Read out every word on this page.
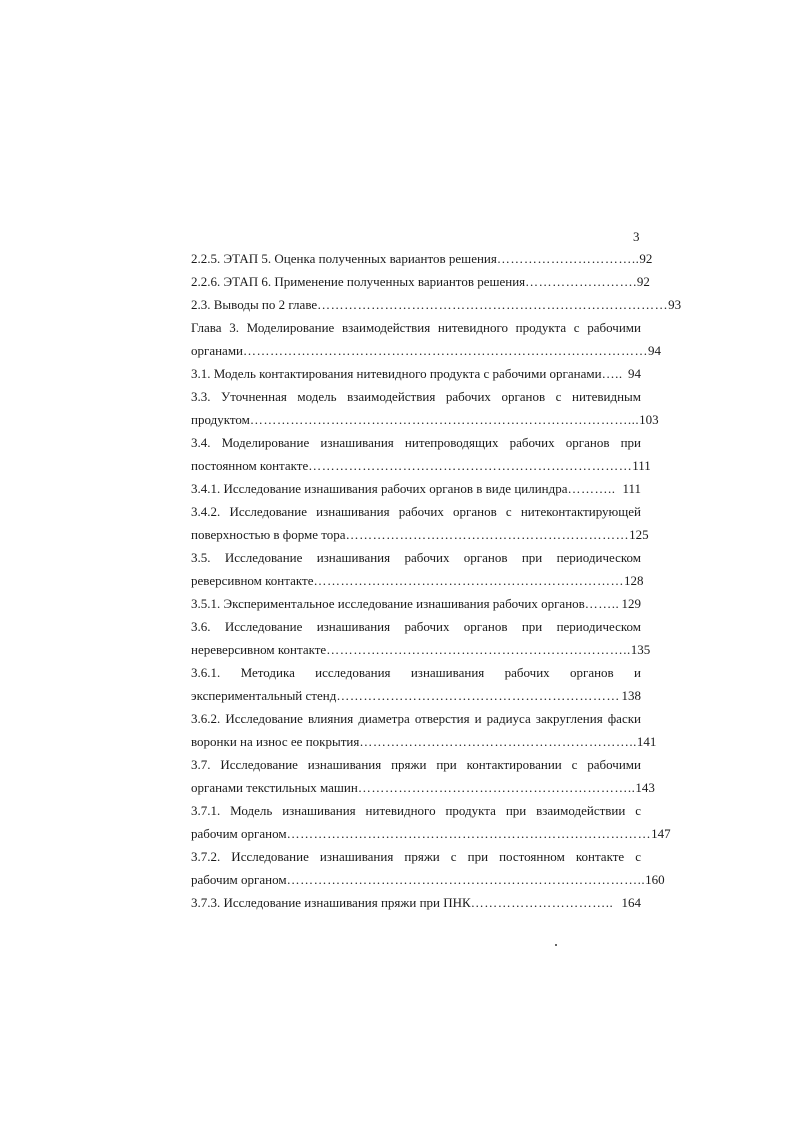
3
2.2.5. ЭТАП 5. Оценка полученных вариантов решения ………………………….. 92
2.2.6. ЭТАП 6. Применение полученных вариантов решения ……………………. 92
2.3. Выводы по 2 главе …………………………………………………………………… 93
Глава 3. Моделирование взаимодействия нитевидного продукта с рабочими
органами ……………………………………………………………………………… 94
3.1. Модель контактирования нитевидного продукта с рабочими органами ….. 94
3.3. Уточненная модель взаимодействия рабочих органов с нитевидным
продуктом …………………………………………………………………………... 103
3.4. Моделирование изнашивания нитепроводящих рабочих органов при
постоянном контакте ……………………………………………………………… 111
3.4.1. Исследование изнашивания рабочих органов в виде цилиндра ……….. 111
3.4.2. Исследование изнашивания рабочих органов с нитеконтактирующей
поверхностью в форме тора ……………………………………………………… 125
3.5. Исследование изнашивания рабочих органов при периодическом
реверсивном контакте …………………………………………………………… 128
3.5.1. Экспериментальное исследование изнашивания рабочих органов …….. 129
3.6. Исследование изнашивания рабочих органов при периодическом
нереверсивном контакте ………………………………………………………….. 135
3.6.1. Методика исследования изнашивания рабочих органов и
экспериментальный стенд ……………………………………………………… 138
3.6.2. Исследование влияния диаметра отверстия и радиуса закругления фаски
воронки на износ ее покрытия …………………………………………………….. 141
3.7. Исследование изнашивания пряжи при контактировании с рабочими
органами текстильных машин …………………………………………………….. 143
3.7.1. Модель изнашивания нитевидного продукта при взаимодействии с
рабочим органом ……………………………………………………………………… 147
3.7.2. Исследование изнашивания пряжи с при постоянном контакте с
рабочим органом …………………………………………………………………….. 160
3.7.3. Исследование изнашивания пряжи при ПНК ………………………….. 164
